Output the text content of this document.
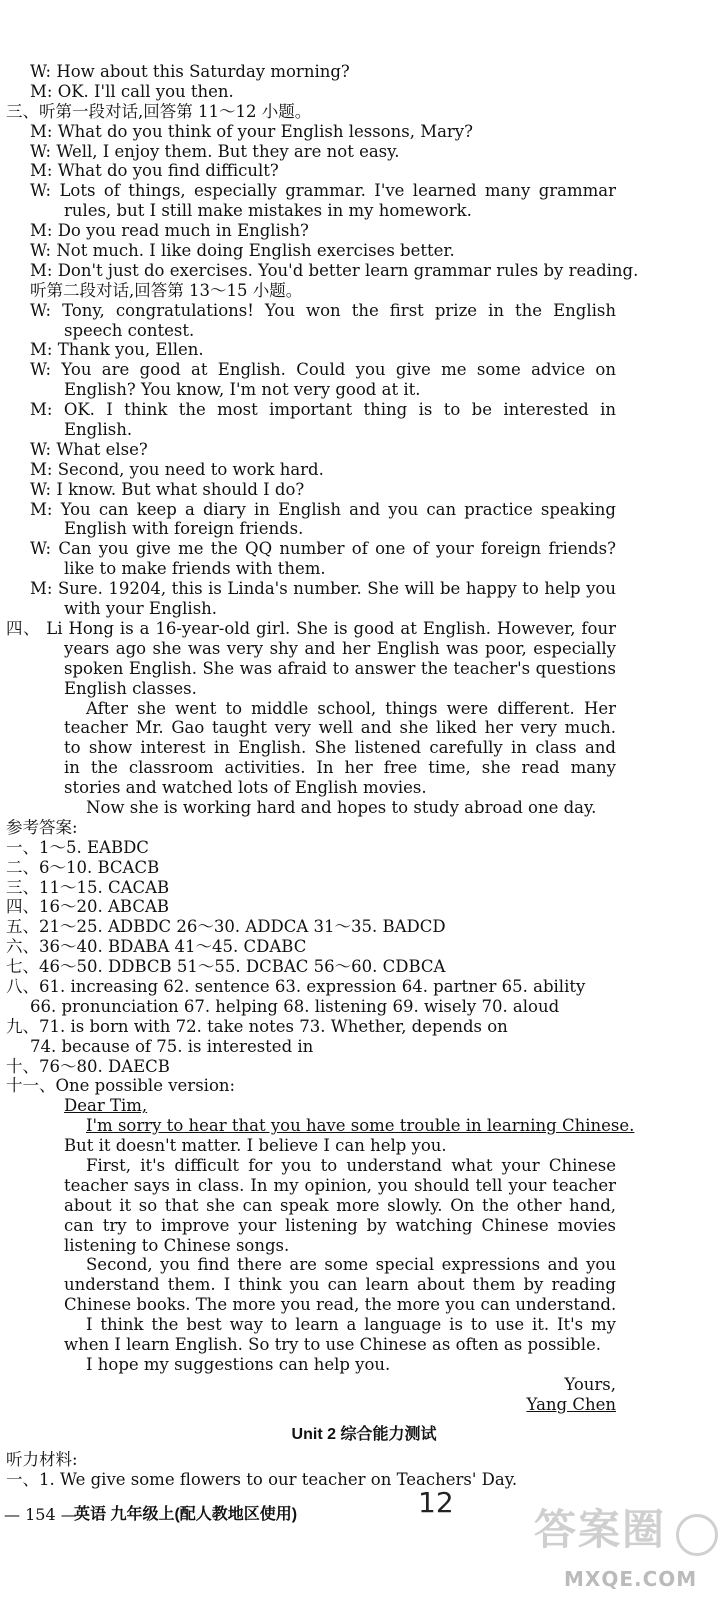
W: How about this Saturday morning?
M: OK. I'll call you then.
三、听第一段对话,回答第 11～12 小题。
M: What do you think of your English lessons, Mary?
W: Well, I enjoy them. But they are not easy.
M: What do you find difficult?
W: Lots of things, especially grammar. I've learned many grammar
rules, but I still make mistakes in my homework.
M: Do you read much in English?
W: Not much. I like doing English exercises better.
M: Don't just do exercises. You'd better learn grammar rules by reading.
听第二段对话,回答第 13～15 小题。
W: Tony, congratulations! You won the first prize in the English
speech contest.
M: Thank you, Ellen.
W: You are good at English. Could you give me some advice on
English? You know, I'm not very good at it.
M: OK. I think the most important thing is to be interested in
English.
W: What else?
M: Second, you need to work hard.
W: I know. But what should I do?
M: You can keep a diary in English and you can practice speaking
English with foreign friends.
W: Can you give me the QQ number of one of your foreign friends?
like to make friends with them.
M: Sure. 19204, this is Linda's number. She will be happy to help you
with your English.
四、 Li Hong is a 16-year-old girl. She is good at English. However, four
years ago she was very shy and her English was poor, especially
spoken English. She was afraid to answer the teacher's questions
English classes.
After she went to middle school, things were different. Her
teacher Mr. Gao taught very well and she liked her very much.
to show interest in English. She listened carefully in class and
in the classroom activities. In her free time, she read many
stories and watched lots of English movies.
Now she is working hard and hopes to study abroad one day.
参考答案:
一、1～5. EABDC
二、6～10. BCACB
三、11～15. CACAB
四、16～20. ABCAB
五、21～25. ADBDC 26～30. ADDCA 31～35. BADCD
六、36～40. BDABA 41～45. CDABC
七、46～50. DDBCB 51～55. DCBAC 56～60. CDBCA
八、61. increasing 62. sentence 63. expression 64. partner 65. ability
66. pronunciation 67. helping 68. listening 69. wisely 70. aloud
九、71. is born with 72. take notes 73. Whether, depends on
74. because of 75. is interested in
十、76～80. DAECB
十一、One possible version:
Dear Tim,
I'm sorry to hear that you have some trouble in learning Chinese.
But it doesn't matter. I believe I can help you.
First, it's difficult for you to understand what your Chinese
teacher says in class. In my opinion, you should tell your teacher
about it so that she can speak more slowly. On the other hand,
can try to improve your listening by watching Chinese movies
listening to Chinese songs.
Second, you find there are some special expressions and you
understand them. I think you can learn about them by reading
Chinese books. The more you read, the more you can understand.
I think the best way to learn a language is to use it. It's my
when I learn English. So try to use Chinese as often as possible.
I hope my suggestions can help you.
Yours,
Yang Chen
Unit 2 综合能力测试
听力材料:
一、1. We give some flowers to our teacher on Teachers' Day.
— 154 —
英语 九年级上(配人教地区使用)	12
答案圈
MXQE.COM
